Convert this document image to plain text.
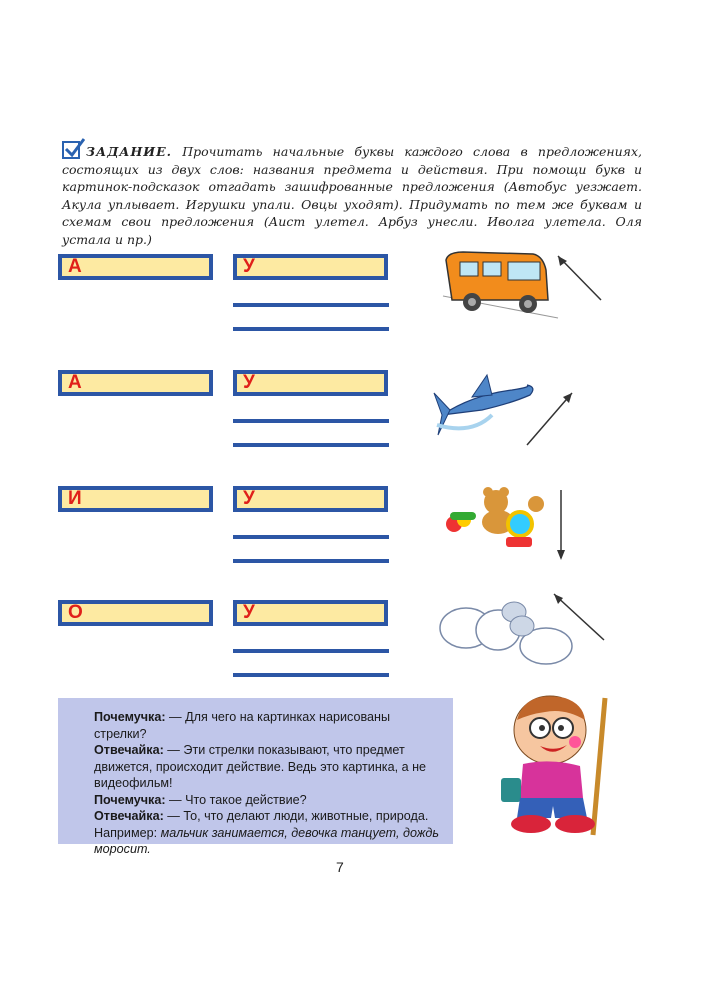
ЗАДАНИЕ. Прочитать начальные буквы каждого слова в предложениях, состоящих из двух слов: названия предмета и действия. При помощи букв и картинок-подсказок отгадать зашифрованные предложения (Автобус уезжает. Акула уплывает. Игрушки упали. Овцы уходят). Придумать по тем же буквам и схемам свои предложения (Аист улетел. Арбуз унесли. Иволга улетела. Оля устала и пр.)
А	У
А	У
И	У
О	У

Почемучка: — Для чего на картинках нарисованы стрелки?

Отвечайка: — Эти стрелки показывают, что предмет движется, происходит действие. Ведь это картинка, а не видеофильм!

Почемучка: — Что такое действие?

Отвечайка: — То, что делают люди, животные, природа. Например: мальчик занимается, девочка танцует, дождь моросит.

7
